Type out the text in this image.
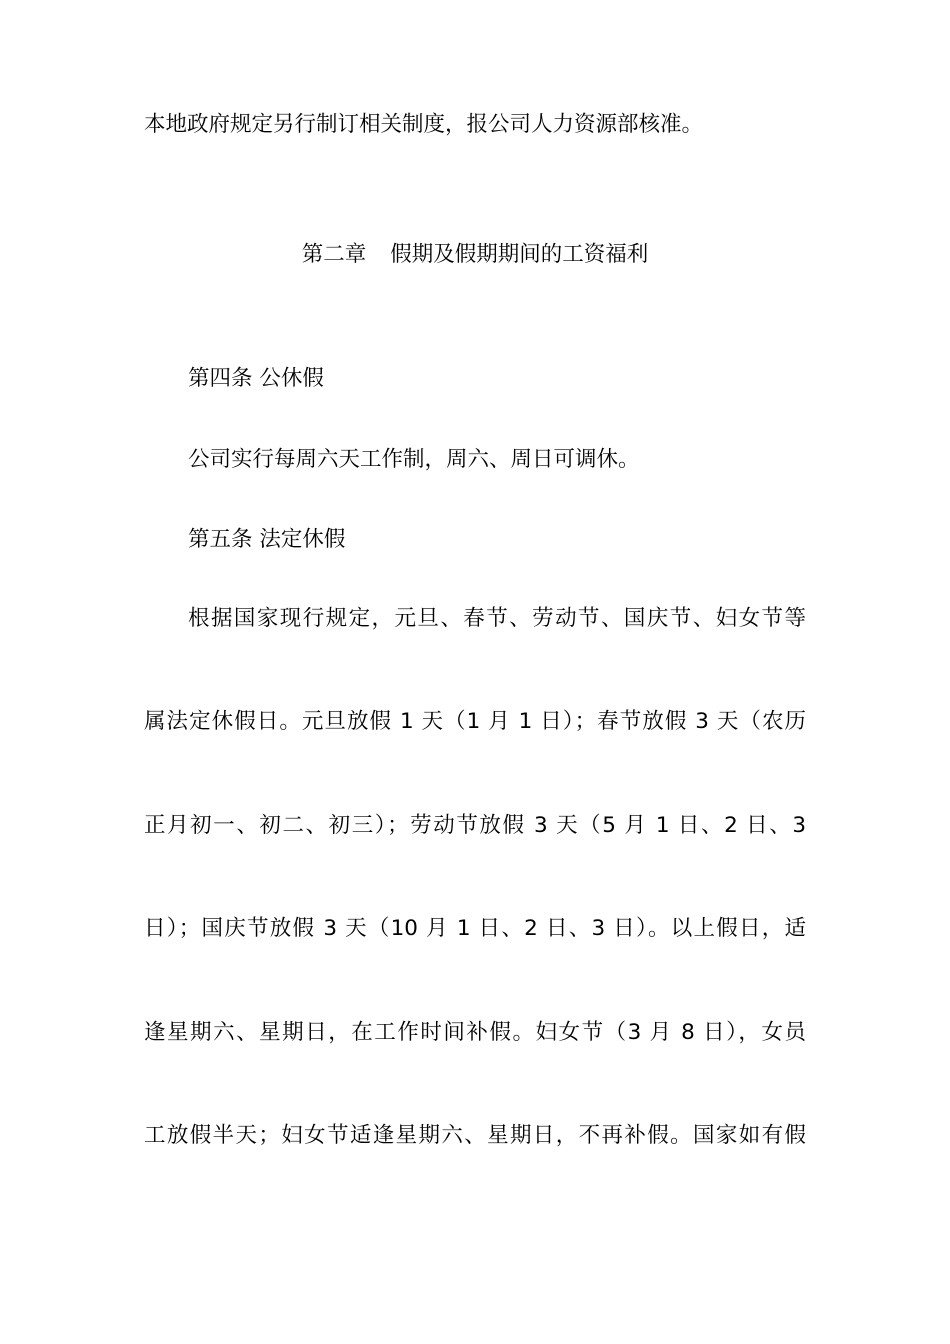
本地政府规定另行制订相关制度，报公司人力资源部核准。
第二章 假期及假期期间的工资福利
第四条 公休假
公司实行每周六天工作制，周六、周日可调休。
第五条 法定休假
根据国家现行规定，元旦、春节、劳动节、国庆节、妇女节等
属法定休假日。元旦放假 1 天（1 月 1 日）；春节放假 3 天（农历
正月初一、初二、初三）；劳动节放假 3 天（5 月 1 日、2 日、3
日）；国庆节放假 3 天（10 月 1 日、2 日、3 日）。以上假日，适
逢星期六、星期日，在工作时间补假。妇女节（3 月 8 日），女员
工放假半天；妇女节适逢星期六、星期日，不再补假。国家如有假
